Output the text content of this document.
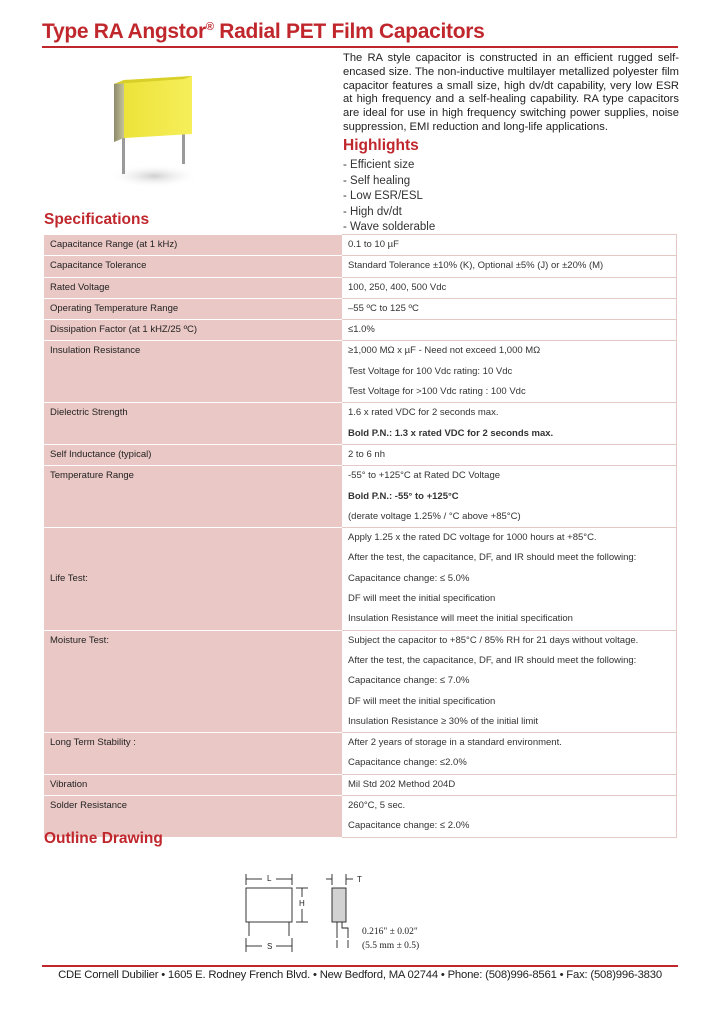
Type RA Angstor® Radial PET Film Capacitors

The RA style capacitor is constructed in an efficient rugged self-encased size. The non-inductive multilayer metallized polyester film capacitor features a small size, high dv/dt capability, very low ESR at high frequency and a self-healing capability. RA type capacitors are ideal for use in high frequency switching power supplies, noise suppression, EMI reduction and long-life applications.

Highlights
- Efficient size
- Self healing
- Low ESR/ESL
- High dv/dt
- Wave solderable
Specifications
Capacitance Range (at 1 kHz)	0.1 to 10 µF

Capacitance Tolerance	Standard Tolerance ±10% (K), Optional ±5% (J) or ±20% (M)

Rated Voltage	100, 250, 400, 500 Vdc

Operating Temperature Range	–55 ºC to 125 ºC

Dissipation Factor (at 1 kHZ/25 ºC)	≤1.0%

Insulation Resistance	≥1,000 MΩ x µF - Need not exceed 1,000 MΩ
Test Voltage for 100 Vdc rating: 10 Vdc
Test Voltage for >100 Vdc rating : 100 Vdc

Dielectric Strength	1.6 x rated VDC for 2 seconds max.
Bold P.N.: 1.3 x rated VDC for 2 seconds max.

Self Inductance (typical)	2 to 6 nh

Temperature Range	-55° to +125°C at Rated DC Voltage
Bold P.N.: -55° to +125°C
(derate voltage 1.25% / °C above +85°C)

Life Test:	Apply 1.25 x the rated DC voltage for 1000 hours at +85°C.
After the test, the capacitance, DF, and IR should meet the following:
Capacitance change: ≤ 5.0%
DF will meet the initial specification
Insulation Resistance will meet the initial specification

Moisture Test:	Subject the capacitor to +85°C / 85% RH for 21 days without voltage.
After the test, the capacitance, DF, and IR should meet the following:
Capacitance change: ≤ 7.0%
DF will meet the initial specification
Insulation Resistance ≥ 30% of the initial limit

Long Term Stability :	After 2 years of storage in a standard environment.
Capacitance change: ≤2.0%

Vibration	Mil Std 202 Method 204D

Solder Resistance	260°C, 5 sec.
Capacitance change: ≤ 2.0%
Outline Drawing
L
H
S
T
0.216" ± 0.02"
(5.5 mm ± 0.5)

CDE Cornell Dubilier • 1605 E. Rodney French Blvd. • New Bedford, MA 02744 • Phone: (508)996-8561 • Fax: (508)996-3830
